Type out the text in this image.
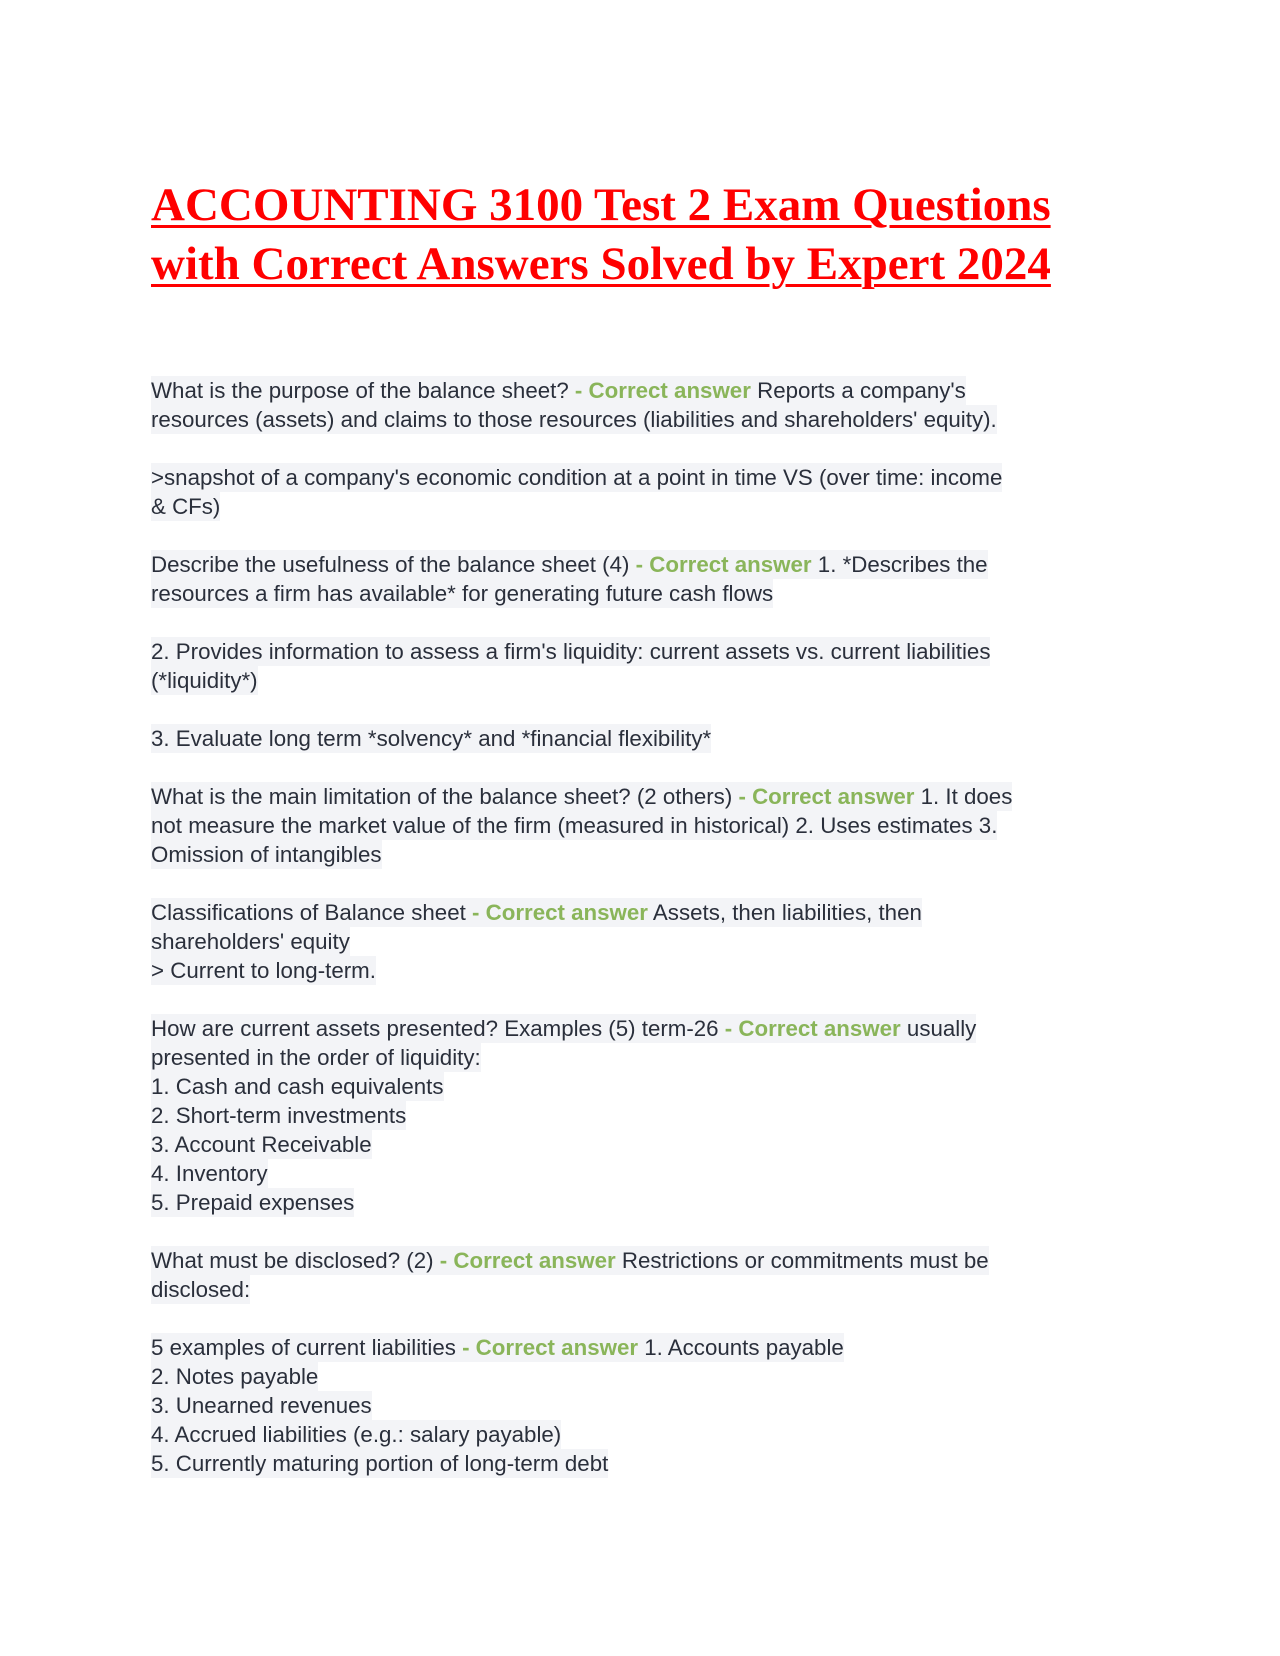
ACCOUNTING 3100 Test 2 Exam Questions
with Correct Answers Solved by Expert 2024
What is the purpose of the balance sheet? - Correct answer Reports a company's
resources (assets) and claims to those resources (liabilities and shareholders' equity).
>snapshot of a company's economic condition at a point in time VS (over time: income
& CFs)
Describe the usefulness of the balance sheet (4) - Correct answer 1. *Describes the
resources a firm has available* for generating future cash flows
2. Provides information to assess a firm's liquidity: current assets vs. current liabilities
(*liquidity*)
3. Evaluate long term *solvency* and *financial flexibility*
What is the main limitation of the balance sheet? (2 others) - Correct answer 1. It does
not measure the market value of the firm (measured in historical) 2. Uses estimates 3.
Omission of intangibles
Classifications of Balance sheet - Correct answer Assets, then liabilities, then
shareholders' equity
> Current to long-term.
How are current assets presented? Examples (5) term-26 - Correct answer usually
presented in the order of liquidity:
1. Cash and cash equivalents
2. Short-term investments
3. Account Receivable
4. Inventory
5. Prepaid expenses
What must be disclosed? (2) - Correct answer Restrictions or commitments must be
disclosed:
5 examples of current liabilities - Correct answer 1. Accounts payable
2. Notes payable
3. Unearned revenues
4. Accrued liabilities (e.g.: salary payable)
5. Currently maturing portion of long-term debt
